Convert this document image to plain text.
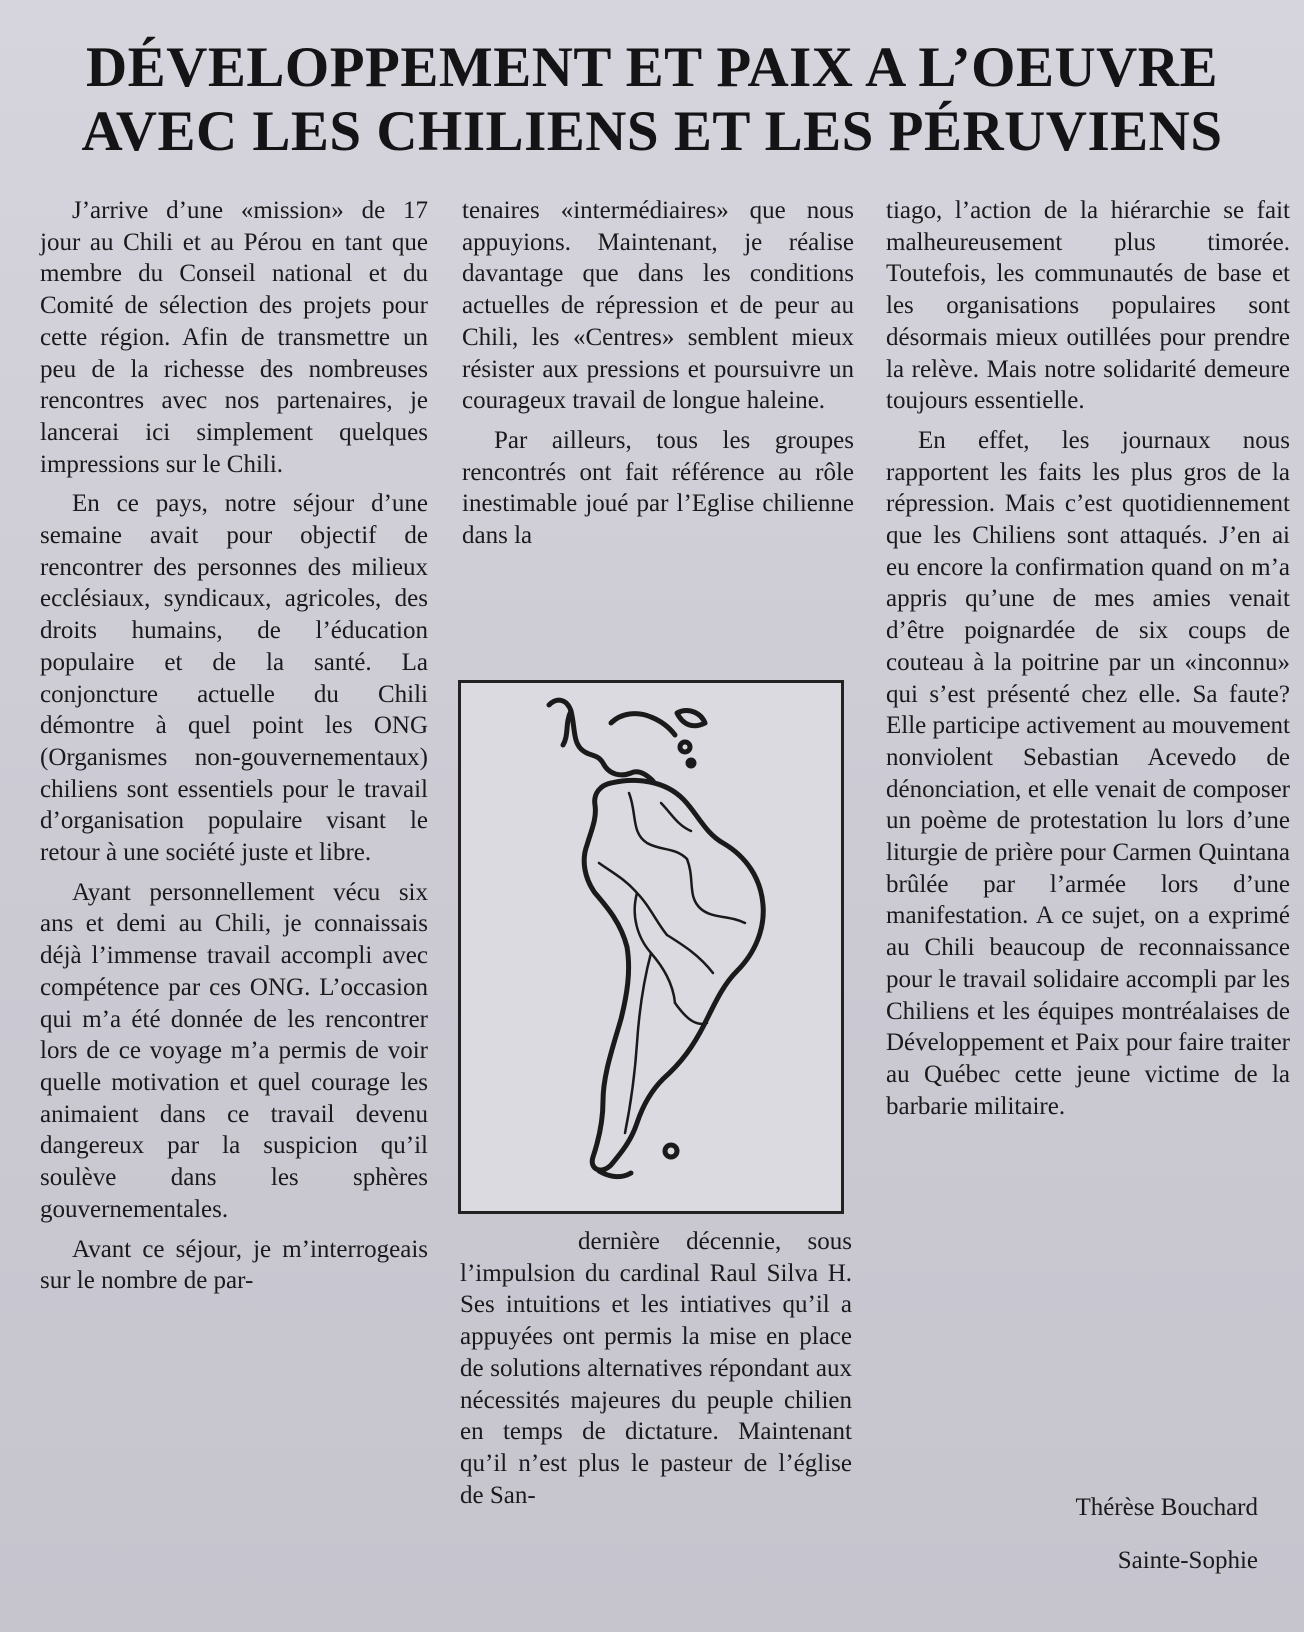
DÉVELOPPEMENT ET PAIX A L’OEUVRE
AVEC LES CHILIENS ET LES PÉRUVIENS

J’arrive d’une «mission» de 17 jour au Chili et au Pérou en tant que membre du Conseil national et du Comité de sélection des projets pour cette région. Afin de transmettre un peu de la richesse des nombreuses rencontres avec nos partenaires, je lancerai ici simplement quelques impressions sur le Chili.

En ce pays, notre séjour d’une semaine avait pour objectif de rencontrer des personnes des milieux ecclésiaux, syndicaux, agricoles, des droits humains, de l’éducation populaire et de la santé. La conjoncture actuelle du Chili démontre à quel point les ONG (Organismes non-gouvernementaux) chiliens sont essentiels pour le travail d’organisation populaire visant le retour à une société juste et libre.

Ayant personnellement vécu six ans et demi au Chili, je connaissais déjà l’immense travail accompli avec compétence par ces ONG. L’occasion qui m’a été donnée de les rencontrer lors de ce voyage m’a permis de voir quelle motivation et quel courage les animaient dans ce travail devenu dangereux par la suspicion qu’il soulève dans les sphères gouvernementales.

Avant ce séjour, je m’interrogeais sur le nombre de par-

tenaires «intermédiaires» que nous appuyions. Maintenant, je réalise davantage que dans les conditions actuelles de répression et de peur au Chili, les «Centres» semblent mieux résister aux pressions et poursuivre un courageux travail de longue haleine.

Par ailleurs, tous les groupes rencontrés ont fait référence au rôle inestimable joué par l’Eglise chilienne dans la

dernière décennie, sous l’impulsion du cardinal Raul Silva H. Ses intuitions et les intiatives qu’il a appuyées ont permis la mise en place de solutions alternatives répondant aux nécessités majeures du peuple chilien en temps de dictature. Maintenant qu’il n’est plus le pasteur de l’église de San-

tiago, l’action de la hiérarchie se fait malheureusement plus timorée. Toutefois, les communautés de base et les organisations populaires sont désormais mieux outillées pour prendre la relève. Mais notre solidarité demeure toujours essentielle.

En effet, les journaux nous rapportent les faits les plus gros de la répression. Mais c’est quotidiennement que les Chiliens sont attaqués. J’en ai eu encore la confirmation quand on m’a appris qu’une de mes amies venait d’être poignardée de six coups de couteau à la poitrine par un «inconnu» qui s’est présenté chez elle. Sa faute? Elle participe activement au mouvement nonviolent Sebastian Acevedo de dénonciation, et elle venait de composer un poème de protestation lu lors d’une liturgie de prière pour Carmen Quintana brûlée par l’armée lors d’une manifestation. A ce sujet, on a exprimé au Chili beaucoup de reconnaissance pour le travail solidaire accompli par les Chiliens et les équipes montréalaises de Développement et Paix pour faire traiter au Québec cette jeune victime de la barbarie militaire.

Thérèse Bouchard
Sainte-Sophie
